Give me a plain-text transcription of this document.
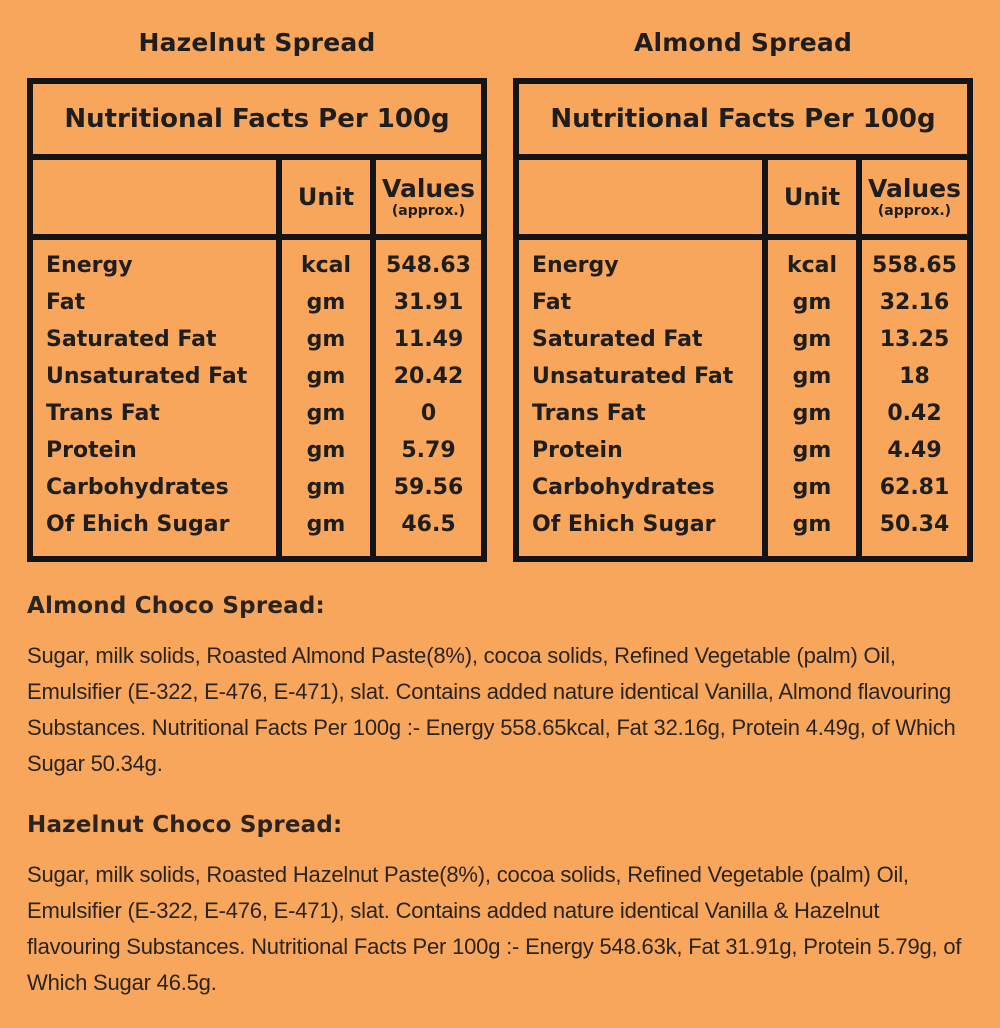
Hazelnut Spread
Nutritional Facts Per 100g
Unit	Values
(approx.)
Energy
Fat
Saturated Fat
Unsaturated Fat
Trans Fat
Protein
Carbohydrates
Of Ehich Sugar
kcal
gm
gm
gm
gm
gm
gm
gm
548.63
31.91
11.49
20.42
0
5.79
59.56
46.5
Almond Spread
Nutritional Facts Per 100g
Unit	Values
(approx.)
Energy
Fat
Saturated Fat
Unsaturated Fat
Trans Fat
Protein
Carbohydrates
Of Ehich Sugar
kcal
gm
gm
gm
gm
gm
gm
gm
558.65
32.16
13.25
18
0.42
4.49
62.81
50.34
Almond Choco Spread:
Sugar, milk solids, Roasted Almond Paste(8%), cocoa solids, Refined Vegetable (palm) Oil, Emulsifier (E-322, E-476, E-471), slat. Contains added nature identical Vanilla, Almond flavouring Substances. Nutritional Facts Per 100g :- Energy 558.65kcal, Fat 32.16g, Protein 4.49g, of Which Sugar 50.34g.
Hazelnut Choco Spread:
Sugar, milk solids, Roasted Hazelnut Paste(8%), cocoa solids, Refined Vegetable (palm) Oil, Emulsifier (E-322, E-476, E-471), slat. Contains added nature identical Vanilla & Hazelnut flavouring Substances. Nutritional Facts Per 100g :- Energy 548.63k, Fat 31.91g, Protein 5.79g, of Which Sugar 46.5g.
